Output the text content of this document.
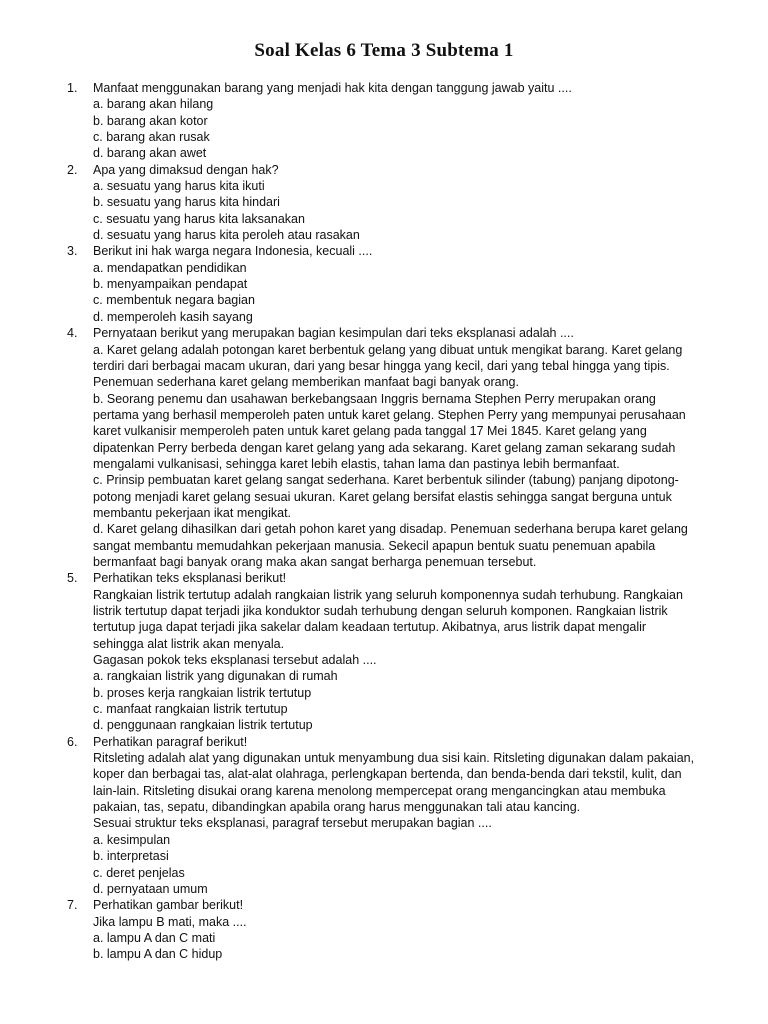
Soal Kelas 6 Tema 3 Subtema 1
1. Manfaat menggunakan barang yang menjadi hak kita dengan tanggung jawab yaitu ....
a. barang akan hilang
b. barang akan kotor
c. barang akan rusak
d. barang akan awet
2. Apa yang dimaksud dengan hak?
a. sesuatu yang harus kita ikuti
b. sesuatu yang harus kita hindari
c. sesuatu yang harus kita laksanakan
d. sesuatu yang harus kita peroleh atau rasakan
3. Berikut ini hak warga negara Indonesia, kecuali ....
a. mendapatkan pendidikan
b. menyampaikan pendapat
c. membentuk negara bagian
d. memperoleh kasih sayang
4. Pernyataan berikut yang merupakan bagian kesimpulan dari teks eksplanasi adalah ....
a. Karet gelang adalah potongan karet berbentuk gelang yang dibuat untuk mengikat barang. Karet gelang
terdiri dari berbagai macam ukuran, dari yang besar hingga yang kecil, dari yang tebal hingga yang tipis.
Penemuan sederhana karet gelang memberikan manfaat bagi banyak orang.
b. Seorang penemu dan usahawan berkebangsaan Inggris bernama Stephen Perry merupakan orang
pertama yang berhasil memperoleh paten untuk karet gelang. Stephen Perry yang mempunyai perusahaan
karet vulkanisir memperoleh paten untuk karet gelang pada tanggal 17 Mei 1845. Karet gelang yang
dipatenkan Perry berbeda dengan karet gelang yang ada sekarang. Karet gelang zaman sekarang sudah
mengalami vulkanisasi, sehingga karet lebih elastis, tahan lama dan pastinya lebih bermanfaat.
c. Prinsip pembuatan karet gelang sangat sederhana. Karet berbentuk silinder (tabung) panjang dipotong-
potong menjadi karet gelang sesuai ukuran. Karet gelang bersifat elastis sehingga sangat berguna untuk
membantu pekerjaan ikat mengikat.
d. Karet gelang dihasilkan dari getah pohon karet yang disadap. Penemuan sederhana berupa karet gelang
sangat membantu memudahkan pekerjaan manusia. Sekecil apapun bentuk suatu penemuan apabila
bermanfaat bagi banyak orang maka akan sangat berharga penemuan tersebut.
5. Perhatikan teks eksplanasi berikut!
Rangkaian listrik tertutup adalah rangkaian listrik yang seluruh komponennya sudah terhubung. Rangkaian
listrik tertutup dapat terjadi jika konduktor sudah terhubung dengan seluruh komponen. Rangkaian listrik
tertutup juga dapat terjadi jika sakelar dalam keadaan tertutup. Akibatnya, arus listrik dapat mengalir
sehingga alat listrik akan menyala.
Gagasan pokok teks eksplanasi tersebut adalah ....
a. rangkaian listrik yang digunakan di rumah
b. proses kerja rangkaian listrik tertutup
c. manfaat rangkaian listrik tertutup
d. penggunaan rangkaian listrik tertutup
6. Perhatikan paragraf berikut!
Ritsleting adalah alat yang digunakan untuk menyambung dua sisi kain. Ritsleting digunakan dalam pakaian,
koper dan berbagai tas, alat-alat olahraga, perlengkapan bertenda, dan benda-benda dari tekstil, kulit, dan
lain-lain. Ritsleting disukai orang karena menolong mempercepat orang mengancingkan atau membuka
pakaian, tas, sepatu, dibandingkan apabila orang harus menggunakan tali atau kancing.
Sesuai struktur teks eksplanasi, paragraf tersebut merupakan bagian ....
a. kesimpulan
b. interpretasi
c. deret penjelas
d. pernyataan umum
7. Perhatikan gambar berikut!
Jika lampu B mati, maka ....
a. lampu A dan C mati
b. lampu A dan C hidup
